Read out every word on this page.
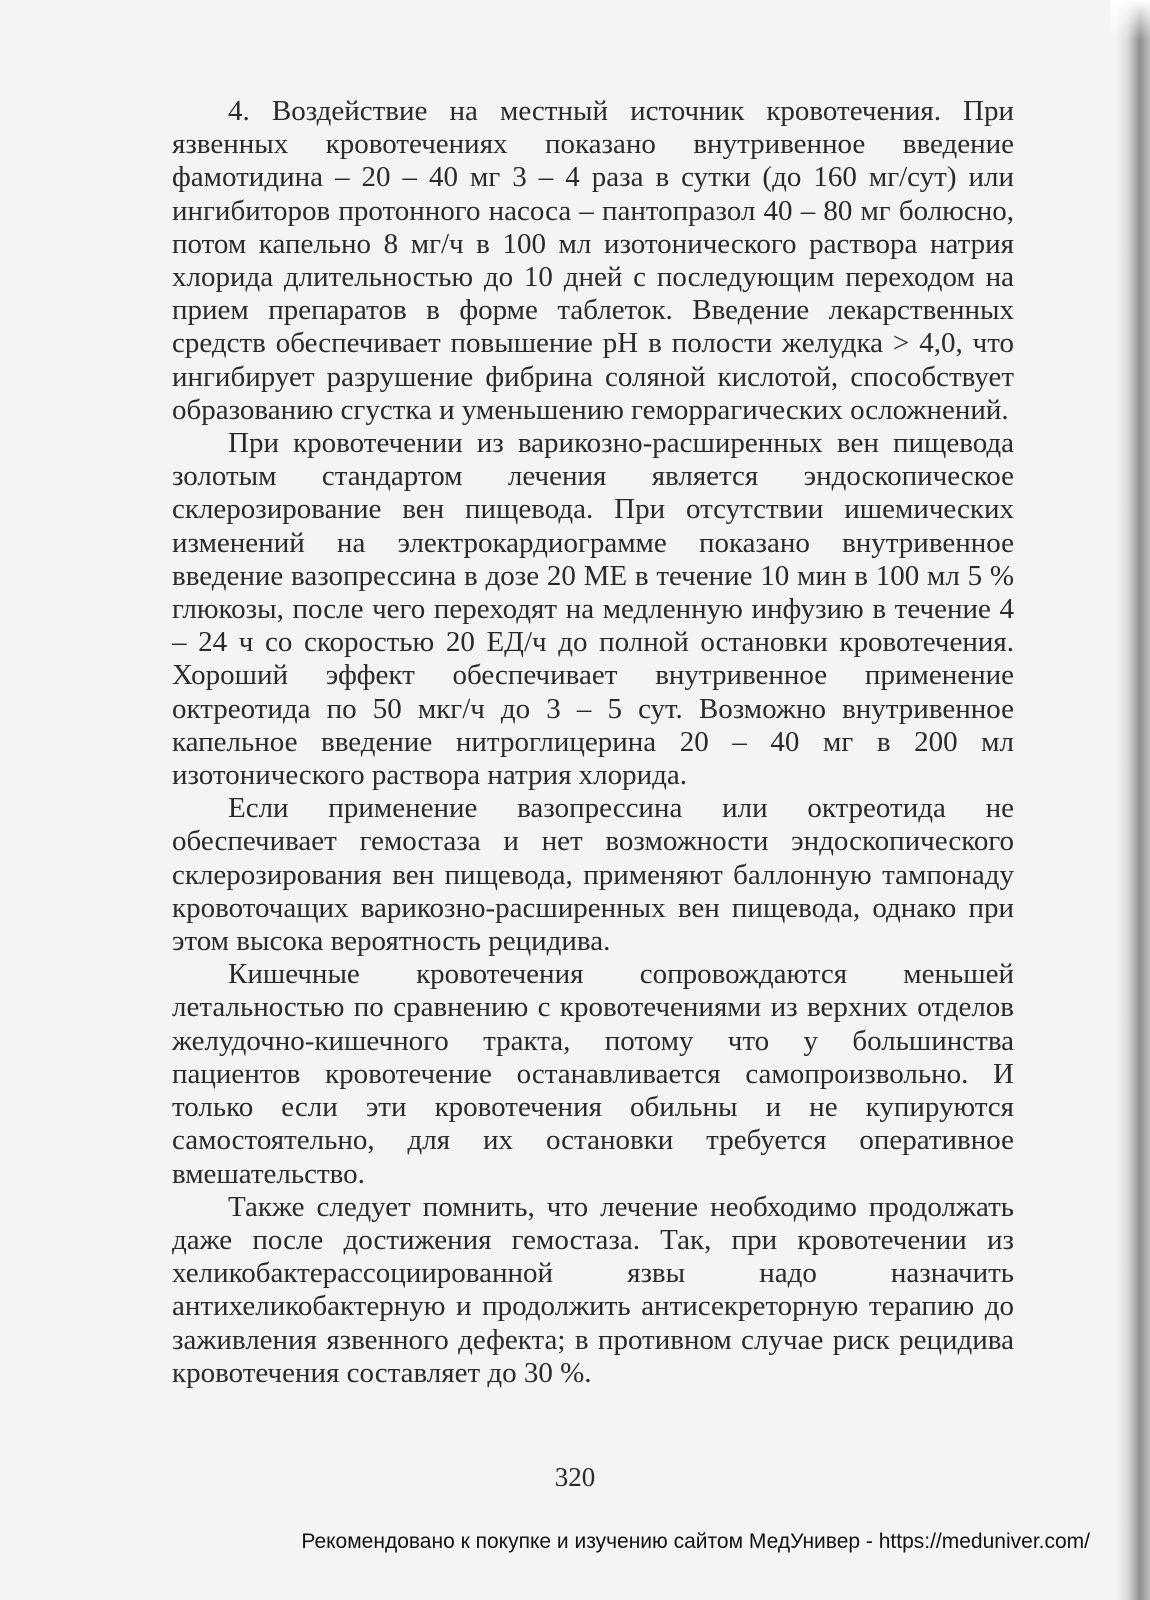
4. Воздействие на местный источник кровотечения. При язвенных кровотечениях показано внутривенное введение фамотидина – 20 – 40 мг 3 – 4 раза в сутки (до 160 мг/сут) или ингибиторов протонного насоса – пантопразол 40 – 80 мг болюсно, потом капельно 8 мг/ч в 100 мл изотонического раствора натрия хлорида длительностью до 10 дней с последующим переходом на прием препаратов в форме таблеток. Введение лекарственных средств обеспечивает повышение pH в полости желудка > 4,0, что ингибирует разрушение фибрина соляной кислотой, способствует образованию сгустка и уменьшению геморрагических осложнений.

При кровотечении из варикозно-расширенных вен пищевода золотым стандартом лечения является эндоскопическое склерозирование вен пищевода. При отсутствии ишемических изменений на электрокардиограмме показано внутривенное введение вазопрессина в дозе 20 МЕ в течение 10 мин в 100 мл 5 % глюкозы, после чего переходят на медленную инфузию в течение 4 – 24 ч со скоростью 20 ЕД/ч до полной остановки кровотечения. Хороший эффект обеспечивает внутривенное применение октреотида по 50 мкг/ч до 3 – 5 сут. Возможно внутривенное капельное введение нитроглицерина 20 – 40 мг в 200 мл изотонического раствора натрия хлорида.

Если применение вазопрессина или октреотида не обеспечивает гемостаза и нет возможности эндоскопического склерозирования вен пищевода, применяют баллонную тампонаду кровоточащих варикозно-расширенных вен пищевода, однако при этом высока вероятность рецидива.

Кишечные кровотечения сопровождаются меньшей летальностью по сравнению с кровотечениями из верхних отделов желудочно-кишечного тракта, потому что у большинства пациентов кровотечение останавливается самопроизвольно. И только если эти кровотечения обильны и не купируются самостоятельно, для их остановки требуется оперативное вмешательство.

Также следует помнить, что лечение необходимо продолжать даже после достижения гемостаза. Так, при кровотечении из хеликобактерассоциированной язвы надо назначить антихеликобактерную и продолжить антисекреторную терапию до заживления язвенного дефекта; в противном случае риск рецидива кровотечения составляет до 30 %.

320
Рекомендовано к покупке и изучению сайтом МедУнивер - https://meduniver.com/
